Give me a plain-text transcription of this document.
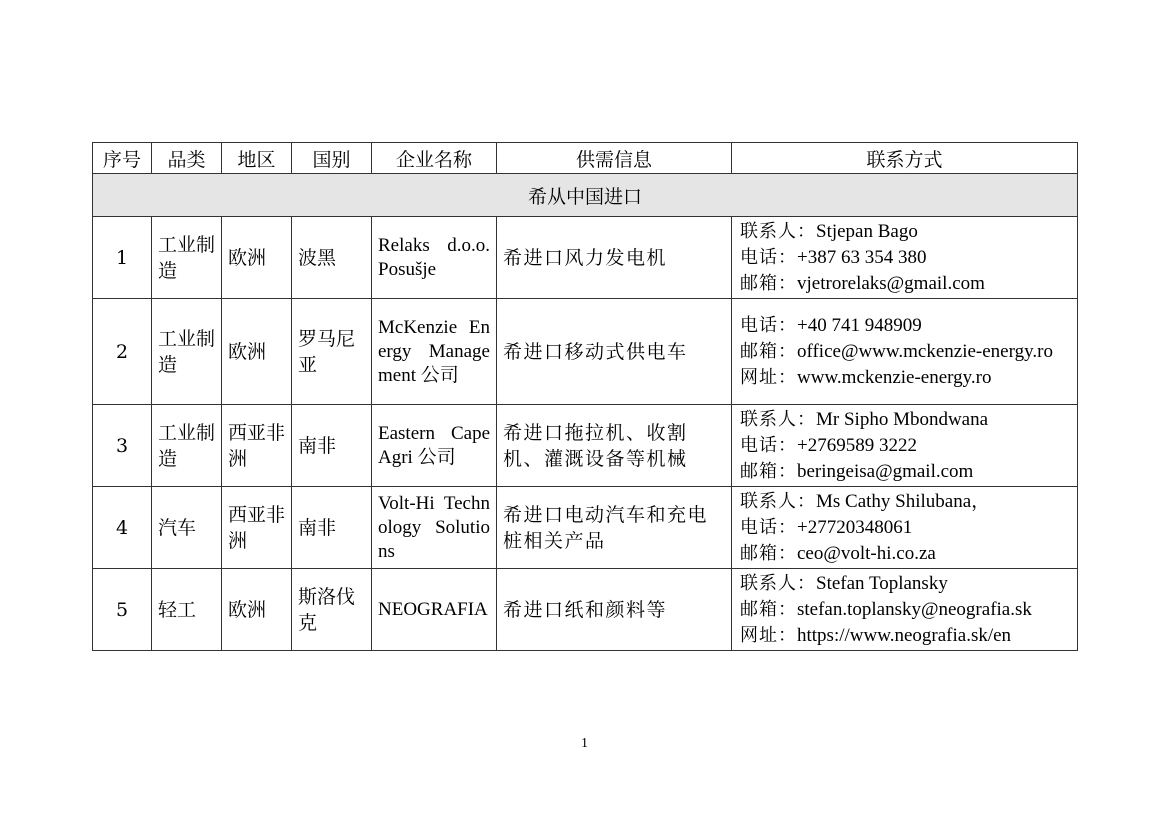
序号	品类	地区	国别	企业名称	供需信息	联系方式
希从中国进口						
1	工业制造	欧洲	波黑	Relaks d.o.o. Posušje	希进口风力发电机	联系人：Stjepan Bago
电话：+387 63 354 380
邮箱：vjetrorelaks@gmail.com

2	工业制造	欧洲	罗马尼亚	McKenzie Energy Management 公司	希进口移动式供电车	电话：+40 741 948909
邮箱：office@www.mckenzie-energy.ro
网址：www.mckenzie-energy.ro

3	工业制造	西亚非洲	南非	Eastern Cape Agri 公司	希进口拖拉机、收割机、灌溉设备等机械	联系人：Mr Sipho Mbondwana
电话：+2769589 3222
邮箱：beringeisa@gmail.com

4	汽车	西亚非洲	南非	Volt-Hi Technology Solutions	希进口电动汽车和充电桩相关产品	联系人：Ms Cathy Shilubana，
电话：+27720348061
邮箱：ceo@volt-hi.co.za

5	轻工	欧洲	斯洛伐克	NEOGRAFIA	希进口纸和颜料等	联系人：Stefan Toplansky
邮箱：stefan.toplansky@neografia.sk
网址：https://www.neografia.sk/en
1
